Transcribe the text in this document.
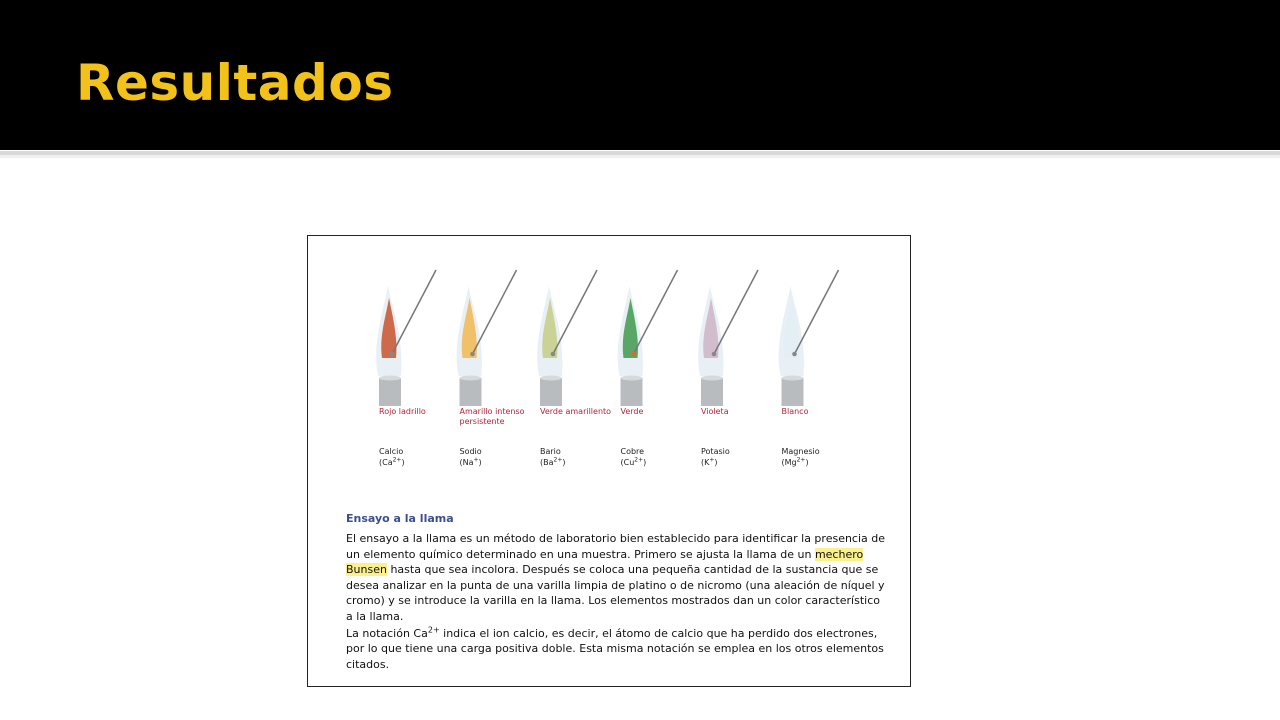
Resultados
Rojo ladrillo
Calcio
$(Ca^{2+})$
Amarillo intenso persistente
Sodio
(Na+)
Verde amarillento
Bario
$(Ba^{2+})$
Verde
Cobre
$(Cu^{2+})$
Violeta
Potasio
(K+)
Blanco
Magnesio
$(Mg^{2+})$
Ensayo a la llama
El ensayo a la llama es un método de laboratorio bien establecido para identificar la presencia de un elemento químico determinado en una muestra. Primero se ajusta la llama de un mechero Bunsen hasta que sea incolora. Después se coloca una pequeña cantidad de la sustancia que se desea analizar en la punta de una varilla limpia de platino o de nicromo (una aleación de níquel y cromo) y se introduce la varilla en la llama. Los elementos mostrados dan un color característico a la llama.
La notación $Ca^{2+}$ indica el ion calcio, es decir, el átomo de calcio que ha perdido dos electrones, por lo que tiene una carga positiva doble. Esta misma notación se emplea en los otros elementos citados.
